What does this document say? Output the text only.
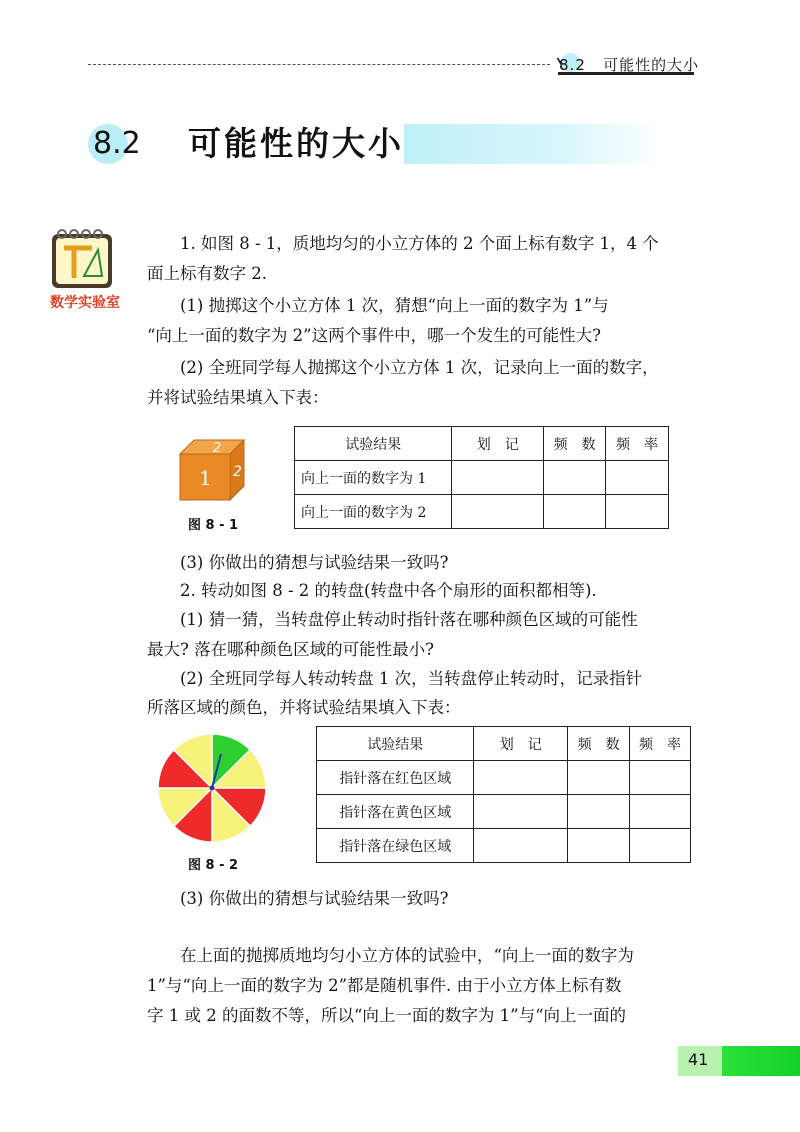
8.2 可能性的大小
8.2 可能性的大小
数学实验室
1. 如图 8 - 1，质地均匀的小立方体的 2 个面上标有数字 1，4 个
面上标有数字 2.
(1) 抛掷这个小立方体 1 次，猜想“向上一面的数字为 1”与
“向上一面的数字为 2”这两个事件中，哪一个发生的可能性大?
(2) 全班同学每人抛掷这个小立方体 1 次，记录向上一面的数字，
并将试验结果填入下表：
2
1 2
图 8 - 1
试验结果	划　记	频　数	频　率
向上一面的数字为 1			
向上一面的数字为 2			
(3) 你做出的猜想与试验结果一致吗?
2. 转动如图 8 - 2 的转盘(转盘中各个扇形的面积都相等).
(1) 猜一猜，当转盘停止转动时指针落在哪种颜色区域的可能性
最大? 落在哪种颜色区域的可能性最小?
(2) 全班同学每人转动转盘 1 次，当转盘停止转动时，记录指针
所落区域的颜色，并将试验结果填入下表：
图 8 - 2
试验结果	划　记	频　数	频　率
指针落在红色区域			
指针落在黄色区域			
指针落在绿色区域			
(3) 你做出的猜想与试验结果一致吗?
在上面的抛掷质地均匀小立方体的试验中，“向上一面的数字为
1”与“向上一面的数字为 2”都是随机事件. 由于小立方体上标有数
字 1 或 2 的面数不等，所以“向上一面的数字为 1”与“向上一面的
41
